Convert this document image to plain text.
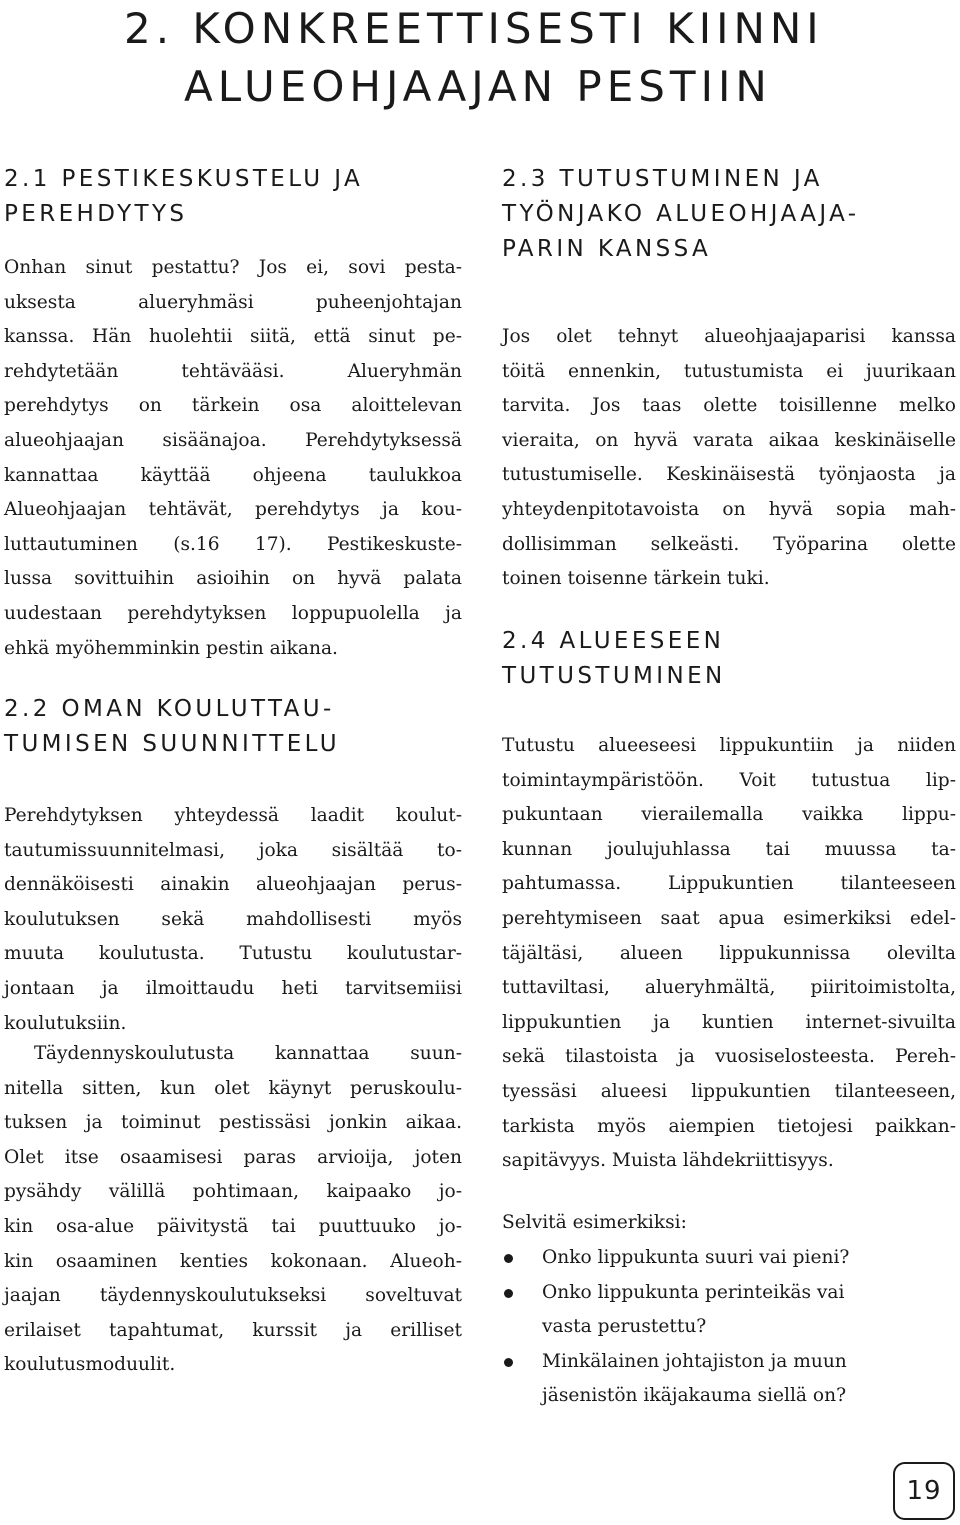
2. KONKREETTISESTI KIINNI
ALUEOHJAAJAN PESTIIN
2.1 PESTIKESKUSTELU JA
PEREHDYTYS
Onhan sinut pestattu? Jos ei, sovi pesta-
uksesta alueryhmäsi puheenjohtajan
kanssa. Hän huolehtii siitä, että sinut pe-
rehdytetään tehtävääsi. Alueryhmän
perehdytys on tärkein osa aloittelevan
alueohjaajan sisäänajoa. Perehdytyksessä
kannattaa käyttää ohjeena taulukkoa
Alueohjaajan tehtävät, perehdytys ja kou-
luttautuminen (s.16 17). Pestikeskuste-
lussa sovittuihin asioihin on hyvä palata
uudestaan perehdytyksen loppupuolella ja
ehkä myöhemminkin pestin aikana.
2.2 OMAN KOULUTTAU-
TUMISEN SUUNNITTELU
Perehdytyksen yhteydessä laadit koulut-
tautumissuunnitelmasi, joka sisältää to-
dennäköisesti ainakin alueohjaajan perus-
koulutuksen sekä mahdollisesti myös
muuta koulutusta. Tutustu koulutustar-
jontaan ja ilmoittaudu heti tarvitsemiisi
koulutuksiin.
Täydennyskoulutusta kannattaa suun-
nitella sitten, kun olet käynyt peruskoulu-
tuksen ja toiminut pestissäsi jonkin aikaa.
Olet itse osaamisesi paras arvioija, joten
pysähdy välillä pohtimaan, kaipaako jo-
kin osa-alue päivitystä tai puuttuuko jo-
kin osaaminen kenties kokonaan. Alueoh-
jaajan täydennyskoulutukseksi soveltuvat
erilaiset tapahtumat, kurssit ja erilliset
koulutusmoduulit.
2.3 TUTUSTUMINEN JA
TYÖNJAKO ALUEOHJAAJA-
PARIN KANSSA
Jos olet tehnyt alueohjaajaparisi kanssa
töitä ennenkin, tutustumista ei juurikaan
tarvita. Jos taas olette toisillenne melko
vieraita, on hyvä varata aikaa keskinäiselle
tutustumiselle. Keskinäisestä työnjaosta ja
yhteydenpitotavoista on hyvä sopia mah-
dollisimman selkeästi. Työparina olette
toinen toisenne tärkein tuki.
2.4 ALUEESEEN
TUTUSTUMINEN
Tutustu alueeseesi lippukuntiin ja niiden
toimintaympäristöön. Voit tutustua lip-
pukuntaan vierailemalla vaikka lippu-
kunnan joulujuhlassa tai muussa ta-
pahtumassa. Lippukuntien tilanteeseen
perehtymiseen saat apua esimerkiksi edel-
täjältäsi, alueen lippukunnissa olevilta
tuttaviltasi, alueryhmältä, piiritoimistolta,
lippukuntien ja kuntien internet-sivuilta
sekä tilastoista ja vuosiselosteesta. Pereh-
tyessäsi alueesi lippukuntien tilanteeseen,
tarkista myös aiempien tietojesi paikkan-
sapitävyys. Muista lähdekriittisyys.
Selvitä esimerkiksi:
Onko lippukunta suuri vai pieni?
Onko lippukunta perinteikäs vai
vasta perustettu?
Minkälainen johtajiston ja muun
jäsenistön ikäjakauma siellä on?
19
